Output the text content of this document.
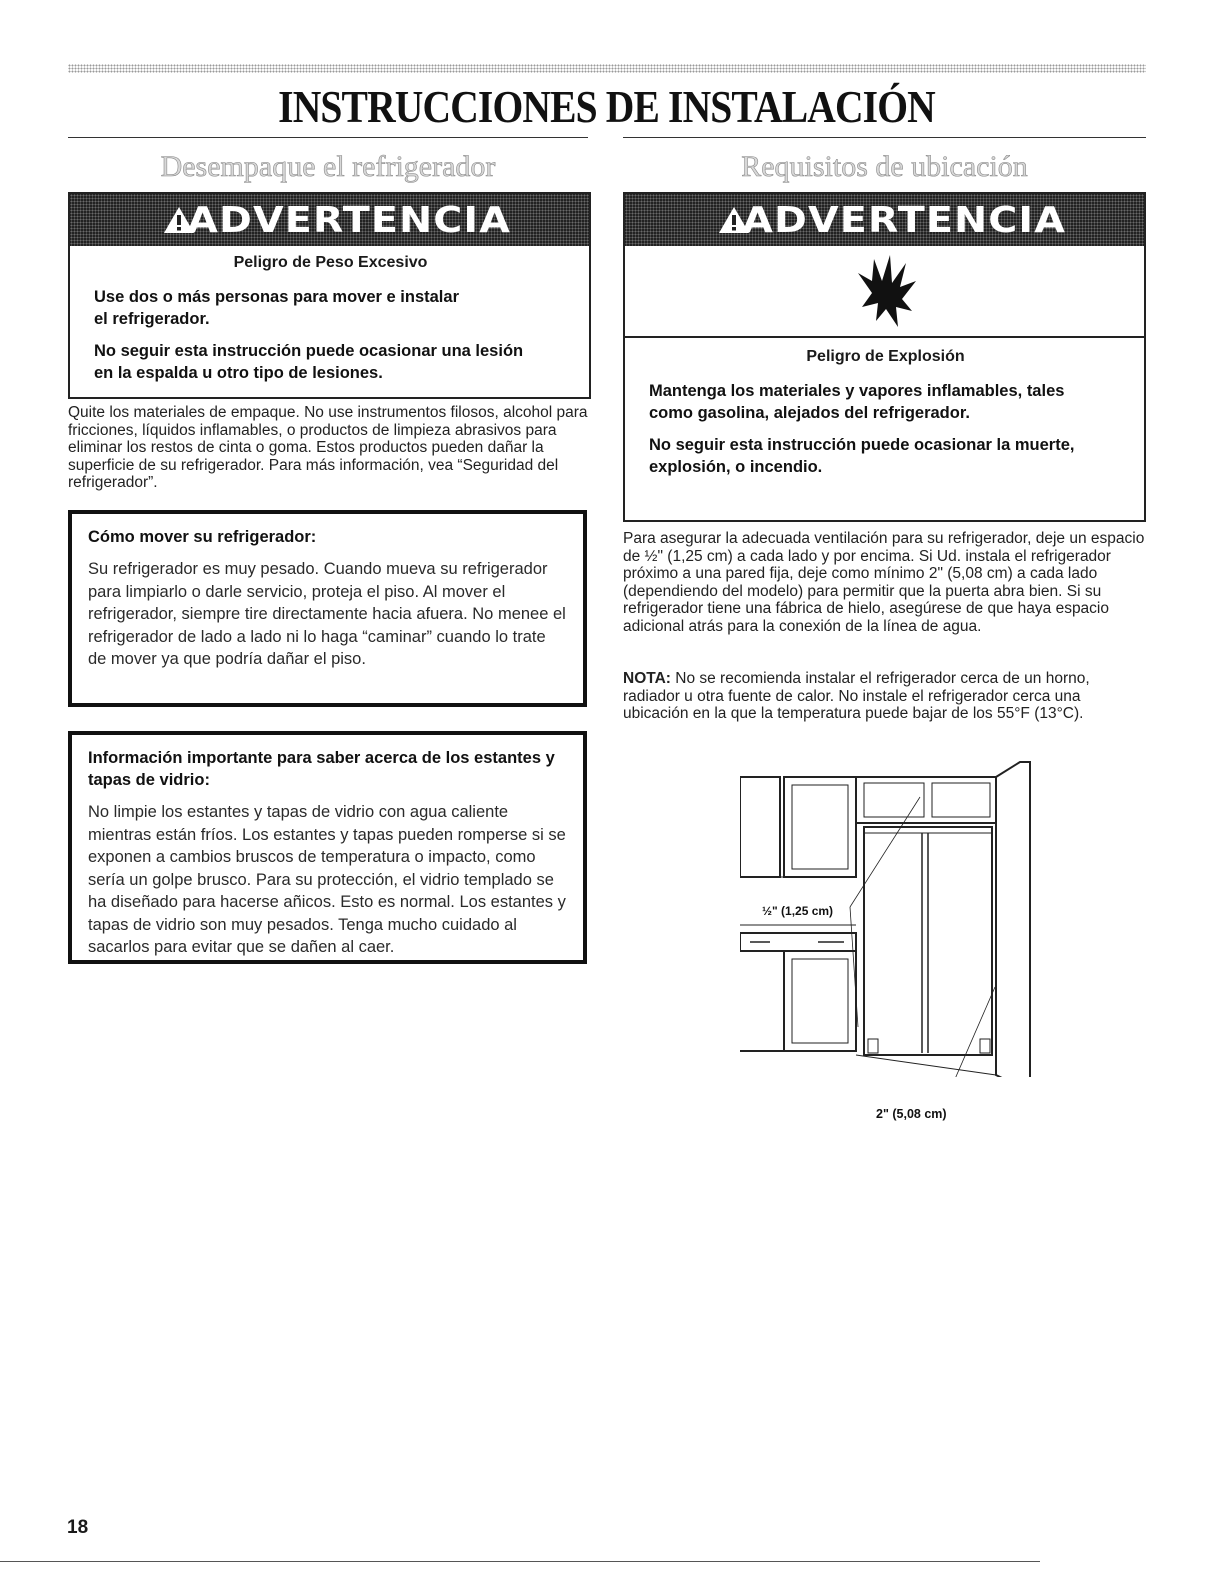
INSTRUCCIONES DE INSTALACIÓN
Desempaque el refrigerador
ADVERTENCIA

Peligro de Peso Excesivo

Use dos o más personas para mover e instalar el refrigerador.

No seguir esta instrucción puede ocasionar una lesión en la espalda u otro tipo de lesiones.

Quite los materiales de empaque. No use instrumentos filosos, alcohol para fricciones, líquidos inflamables, o productos de limpieza abrasivos para eliminar los restos de cinta o goma. Estos productos pueden dañar la superficie de su refrigerador. Para más información, vea “Seguridad del refrigerador”.

Cómo mover su refrigerador:

Su refrigerador es muy pesado. Cuando mueva su refrigerador para limpiarlo o darle servicio, proteja el piso. Al mover el refrigerador, siempre tire directamente hacia afuera. No menee el refrigerador de lado a lado ni lo haga “caminar” cuando lo trate de mover ya que podría dañar el piso.

Información importante para saber acerca de los estantes y tapas de vidrio:

No limpie los estantes y tapas de vidrio con agua caliente mientras están fríos. Los estantes y tapas pueden romperse si se exponen a cambios bruscos de temperatura o impacto, como sería un golpe brusco. Para su protección, el vidrio templado se ha diseñado para hacerse añicos. Esto es normal. Los estantes y tapas de vidrio son muy pesados. Tenga mucho cuidado al sacarlos para evitar que se dañen al caer.

Requisitos de ubicación
ADVERTENCIA

Peligro de Explosión

Mantenga los materiales y vapores inflamables, tales como gasolina, alejados del refrigerador.

No seguir esta instrucción puede ocasionar la muerte, explosión, o incendio.

Para asegurar la adecuada ventilación para su refrigerador, deje un espacio de ½" (1,25 cm) a cada lado y por encima. Si Ud. instala el refrigerador próximo a una pared fija, deje como mínimo 2" (5,08 cm) a cada lado (dependiendo del modelo) para permitir que la puerta abra bien. Si su refrigerador tiene una fábrica de hielo, asegúrese de que haya espacio adicional atrás para la conexión de la línea de agua.

NOTA: No se recomienda instalar el refrigerador cerca de un horno, radiador u otra fuente de calor. No instale el refrigerador cerca una ubicación en la que la temperatura puede bajar de los 55°F (13°C).

½" (1,25 cm)
2" (5,08 cm)

18
